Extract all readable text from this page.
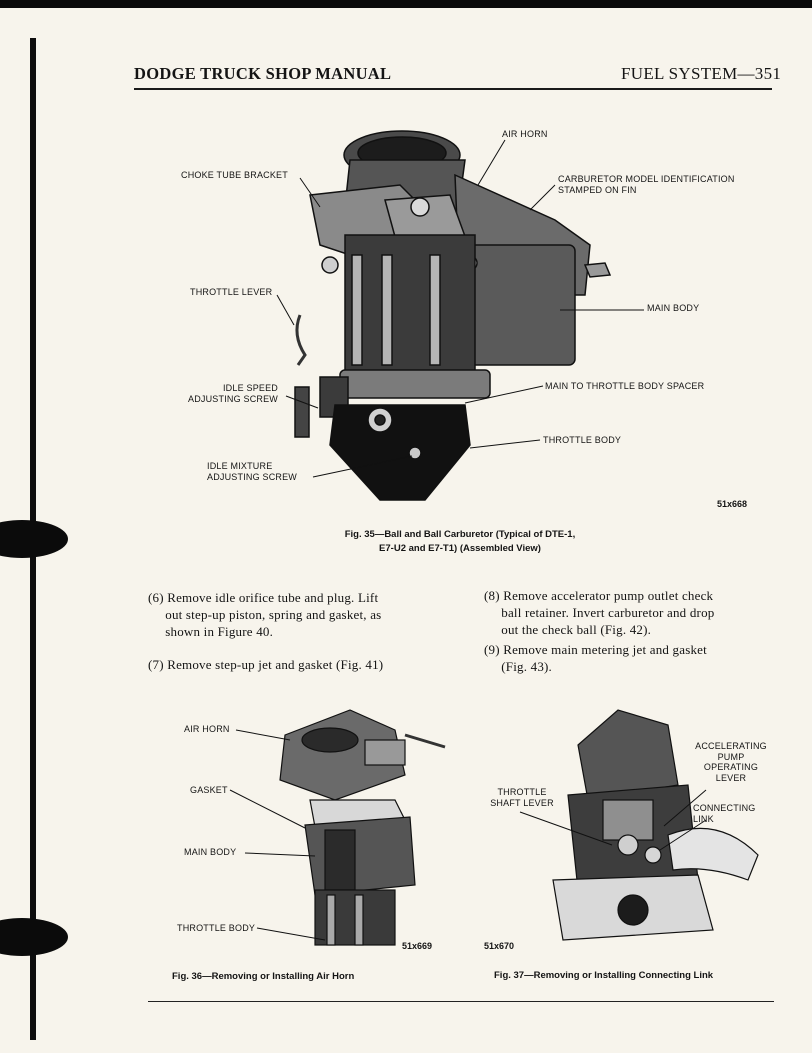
DODGE TRUCK SHOP MANUAL	FUEL SYSTEM—351
AIR HORN
CHOKE TUBE BRACKET	CARBURETOR MODEL IDENTIFICATION
STAMPED ON FIN
THROTTLE LEVER
MAIN BODY
IDLE SPEED
ADJUSTING SCREW
MAIN TO THROTTLE BODY SPACER
THROTTLE BODY
IDLE MIXTURE
ADJUSTING SCREW
51x668
Fig. 35—Ball and Ball Carburetor (Typical of DTE-1,
E7-U2 and E7-T1) (Assembled View)
(6) Remove idle orifice tube and plug. Lift
out step-up piston, spring and gasket, as
shown in Figure 40.
(7) Remove step-up jet and gasket (Fig. 41)
(8) Remove accelerator pump outlet check
ball retainer. Invert carburetor and drop
out the check ball (Fig. 42).
(9) Remove main metering jet and gasket
(Fig. 43).
AIR HORN
GASKET
MAIN BODY
THROTTLE BODY
51x669
Fig. 36—Removing or Installing Air Horn
ACCELERATING
PUMP
OPERATING
LEVER
THROTTLE
SHAFT LEVER
CONNECTING
LINK
51x670
Fig. 37—Removing or Installing Connecting Link
